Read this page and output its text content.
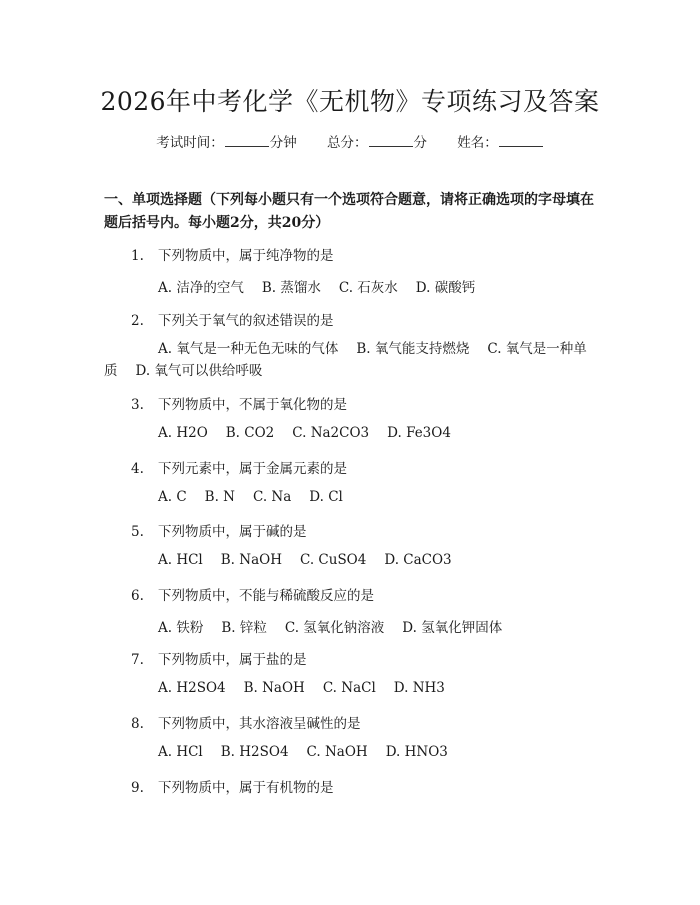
2026年中考化学《无机物》专项练习及答案
考试时间：	分钟 总分：	分 姓名：
一、单项选择题（下列每小题只有一个选项符合题意，请将正确选项的字母填在题后括号内。每小题2分，共20分）
1. 下列物质中，属于纯净物的是
A. 洁净的空气 B. 蒸馏水 C. 石灰水 D. 碳酸钙
2. 下列关于氧气的叙述错误的是
A. 氧气是一种无色无味的气体 B. 氧气能支持燃烧 C. 氧气是一种单质 D. 氧气可以供给呼吸
3. 下列物质中，不属于氧化物的是
A. H2O B. CO2 C. Na2CO3 D. Fe3O4
4. 下列元素中，属于金属元素的是
A. C B. N C. Na D. Cl
5. 下列物质中，属于碱的是
A. HCl B. NaOH C. CuSO4 D. CaCO3
6. 下列物质中，不能与稀硫酸反应的是
A. 铁粉 B. 锌粒 C. 氢氧化钠溶液 D. 氢氧化钾固体
7. 下列物质中，属于盐的是
A. H2SO4 B. NaOH C. NaCl D. NH3
8. 下列物质中，其水溶液呈碱性的是
A. HCl B. H2SO4 C. NaOH D. HNO3
9. 下列物质中，属于有机物的是
